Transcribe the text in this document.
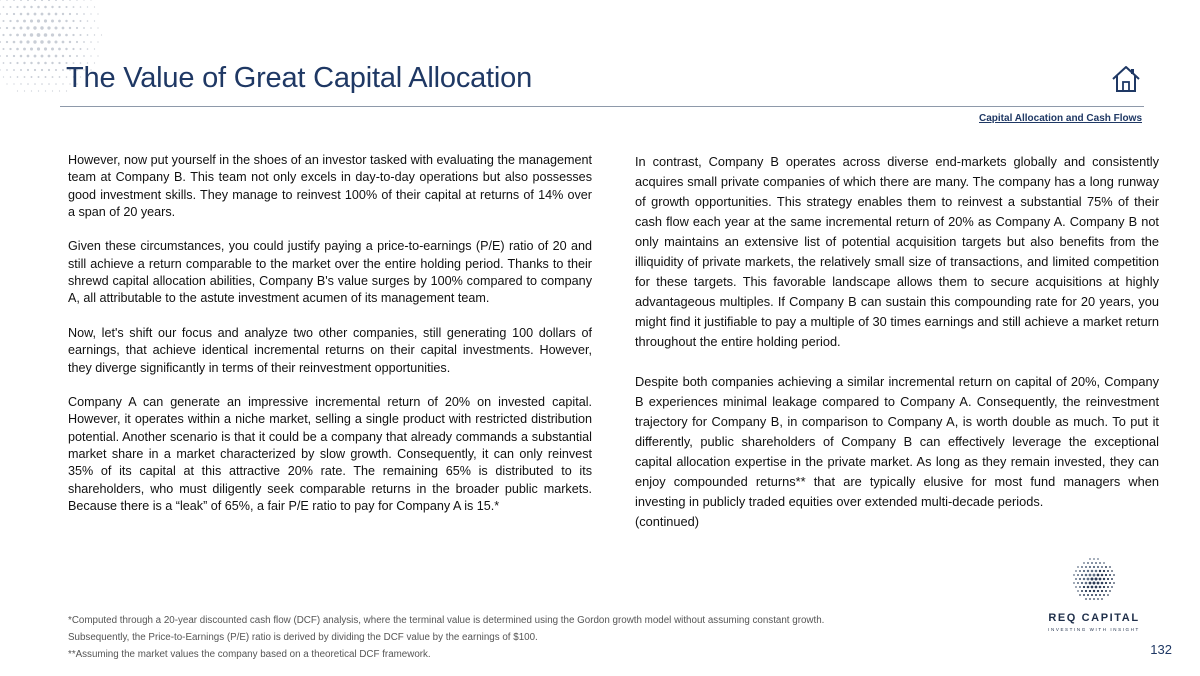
The Value of Great Capital Allocation
Capital Allocation and Cash Flows

However, now put yourself in the shoes of an investor tasked with evaluating the management team at Company B. This team not only excels in day-to-day operations but also possesses good investment skills. They manage to reinvest 100% of their capital at returns of 14% over a span of 20 years.

Given these circumstances, you could justify paying a price-to-earnings (P/E) ratio of 20 and still achieve a return comparable to the market over the entire holding period. Thanks to their shrewd capital allocation abilities, Company B's value surges by 100% compared to company A, all attributable to the astute investment acumen of its management team.

Now, let's shift our focus and analyze two other companies, still generating 100 dollars of earnings, that achieve identical incremental returns on their capital investments. However, they diverge significantly in terms of their reinvestment opportunities.

Company A can generate an impressive incremental return of 20% on invested capital. However, it operates within a niche market, selling a single product with restricted distribution potential. Another scenario is that it could be a company that already commands a substantial market share in a market characterized by slow growth. Consequently, it can only reinvest 35% of its capital at this attractive 20% rate. The remaining 65% is distributed to its shareholders, who must diligently seek comparable returns in the broader public markets. Because there is a “leak” of 65%, a fair P/E ratio to pay for Company A is 15.*

In contrast, Company B operates across diverse end-markets globally and consistently acquires small private companies of which there are many. The company has a long runway of growth opportunities. This strategy enables them to reinvest a substantial 75% of their cash flow each year at the same incremental return of 20% as Company A. Company B not only maintains an extensive list of potential acquisition targets but also benefits from the illiquidity of private markets, the relatively small size of transactions, and limited competition for these targets. This favorable landscape allows them to secure acquisitions at highly advantageous multiples. If Company B can sustain this compounding rate for 20 years, you might find it justifiable to pay a multiple of 30 times earnings and still achieve a market return throughout the entire holding period.

Despite both companies achieving a similar incremental return on capital of 20%, Company B experiences minimal leakage compared to Company A. Consequently, the reinvestment trajectory for Company B, in comparison to Company A, is worth double as much. To put it differently, public shareholders of Company B can effectively leverage the exceptional capital allocation expertise in the private market. As long as they remain invested, they can enjoy compounded returns** that are typically elusive for most fund managers when investing in publicly traded equities over extended multi-decade periods.

(continued)

*Computed through a 20-year discounted cash flow (DCF) analysis, where the terminal value is determined using the Gordon growth model without assuming constant growth.
Subsequently, the Price-to-Earnings (P/E) ratio is derived by dividing the DCF value by the earnings of $100.
**Assuming the market values the company based on a theoretical DCF framework.
REQ CAPITAL
INVESTING WITH INSIGHT
132
